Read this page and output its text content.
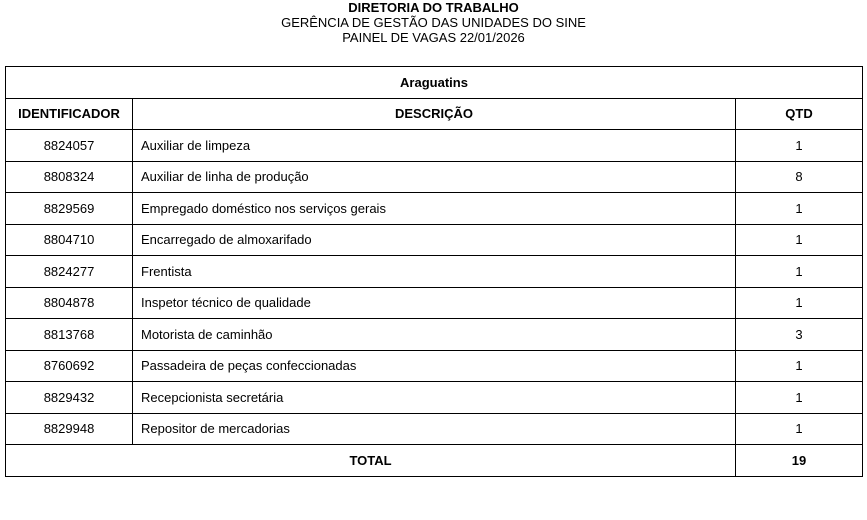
DIRETORIA DO TRABALHO
GERÊNCIA DE GESTÃO DAS UNIDADES DO SINE
PAINEL DE VAGAS 22/01/2026
Araguatins		
IDENTIFICADOR	DESCRIÇÃO	QTD
8824057	Auxiliar de limpeza	1
8808324	Auxiliar de linha de produção	8
8829569	Empregado doméstico nos serviços gerais	1
8804710	Encarregado de almoxarifado	1
8824277	Frentista	1
8804878	Inspetor técnico de qualidade	1
8813768	Motorista de caminhão	3
8760692	Passadeira de peças confeccionadas	1
8829432	Recepcionista secretária	1
8829948	Repositor de mercadorias	1
TOTAL		19
